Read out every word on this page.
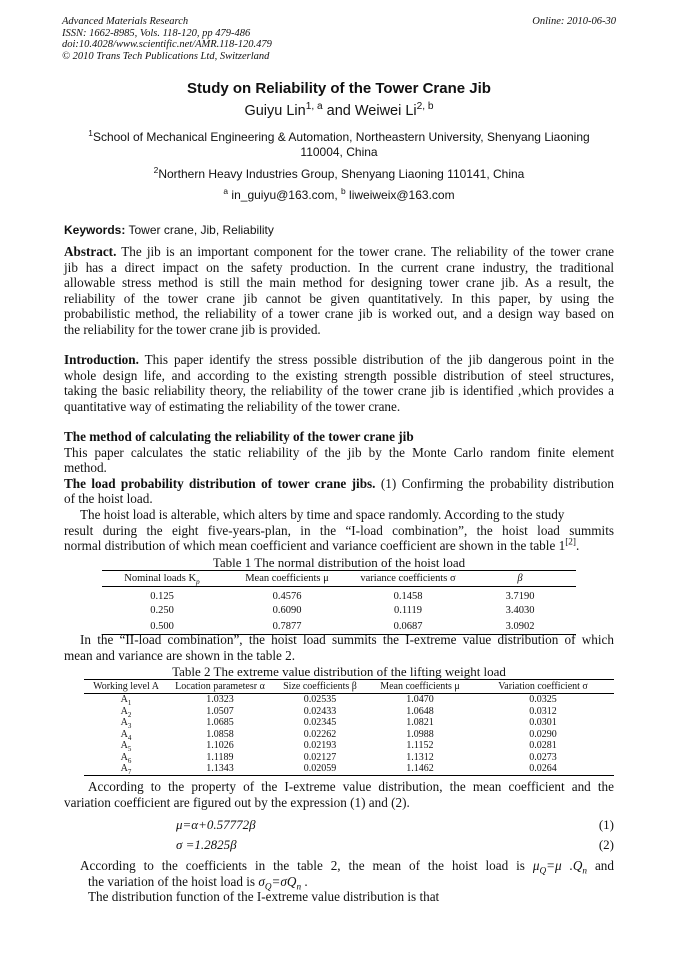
Advanced Materials Research
ISSN: 1662-8985, Vols. 118-120, pp 479-486
doi:10.4028/www.scientific.net/AMR.118-120.479
© 2010 Trans Tech Publications Ltd, Switzerland
Online: 2010-06-30
Study on Reliability of the Tower Crane Jib
Guiyu Lin$^{1, a}$ and Weiwei Li$^{2, b}$
$^1$School of Mechanical Engineering & Automation, Northeastern University, Shenyang Liaoning
110004, China
$^2$Northern Heavy Industries Group, Shenyang Liaoning 110141, China
$^a$ in_guiyu@163.com, $^b$ liweiweix@163.com
Keywords: Tower crane, Jib, Reliability
Abstract. The jib is an important component for the tower crane. The reliability of the tower crane
jib has a direct impact on the safety production. In the current crane industry, the traditional
allowable stress method is still the main method for designing tower crane jib. As a result, the
reliability of the tower crane jib cannot be given quantitatively. In this paper, by using the
probabilistic method, the reliability of a tower crane jib is worked out, and a design way based on
the reliability for the tower crane jib is provided.
Introduction. This paper identify the stress possible distribution of the jib dangerous point in the
whole design life, and according to the existing strength possible distribution of steel structures,
taking the basic reliability theory, the reliability of the tower crane jib is identified ,which provides a
quantitative way of estimating the reliability of the tower crane.
The method of calculating the reliability of the tower crane jib
This paper calculates the static reliability of the jib by the Monte Carlo random finite element
method.
The load probability distribution of tower crane jibs. (1) Confirming the probability distribution
of the hoist load.
The hoist load is alterable, which alters by time and space randomly. According to the study
result during the eight five-years-plan, in the “I-load combination”, the hoist load summits
normal distribution of which mean coefficient and variance coefficient are shown in the table 1[2].
Table 1 The normal distribution of the hoist load
Nominal loads $K_p$	Mean coefficients μ	variance coefficients σ	β
0.125	0.4576	0.1458	3.7190
0.250	0.6090	0.1119	3.4030
0.500	0.7877	0.0687	3.0902
In the “II-load combination”, the hoist load summits the I-extreme value distribution of which
mean and variance are shown in the table 2.
Table 2 The extreme value distribution of the lifting weight load
Working level A	Location parametesr α	Size coefficients β	Mean coefficients μ	Variation coefficient σ
$A_1$	1.0323	0.02535	1.0470	0.0325
$A_2$	1.0507	0.02433	1.0648	0.0312
$A_3$	1.0685	0.02345	1.0821	0.0301
$A_4$	1.0858	0.02262	1.0988	0.0290
$A_5$	1.1026	0.02193	1.1152	0.0281
$A_6$	1.1189	0.02127	1.1312	0.0273
$A_7$	1.1343	0.02059	1.1462	0.0264
According to the property of the I-extreme value distribution, the mean coefficient and the
variation coefficient are figured out by the expression (1) and (2).
μ=α+0.57772β	(1)
σ =1.2825β	(2)
According to the coefficients in the table 2, the mean of the hoist load is $\mu_Q=\mu$ $.Q_n$ and
the variation of the hoist load is $\sigma_Q=\sigma Q_n$ .
The distribution function of the I-extreme value distribution is that
